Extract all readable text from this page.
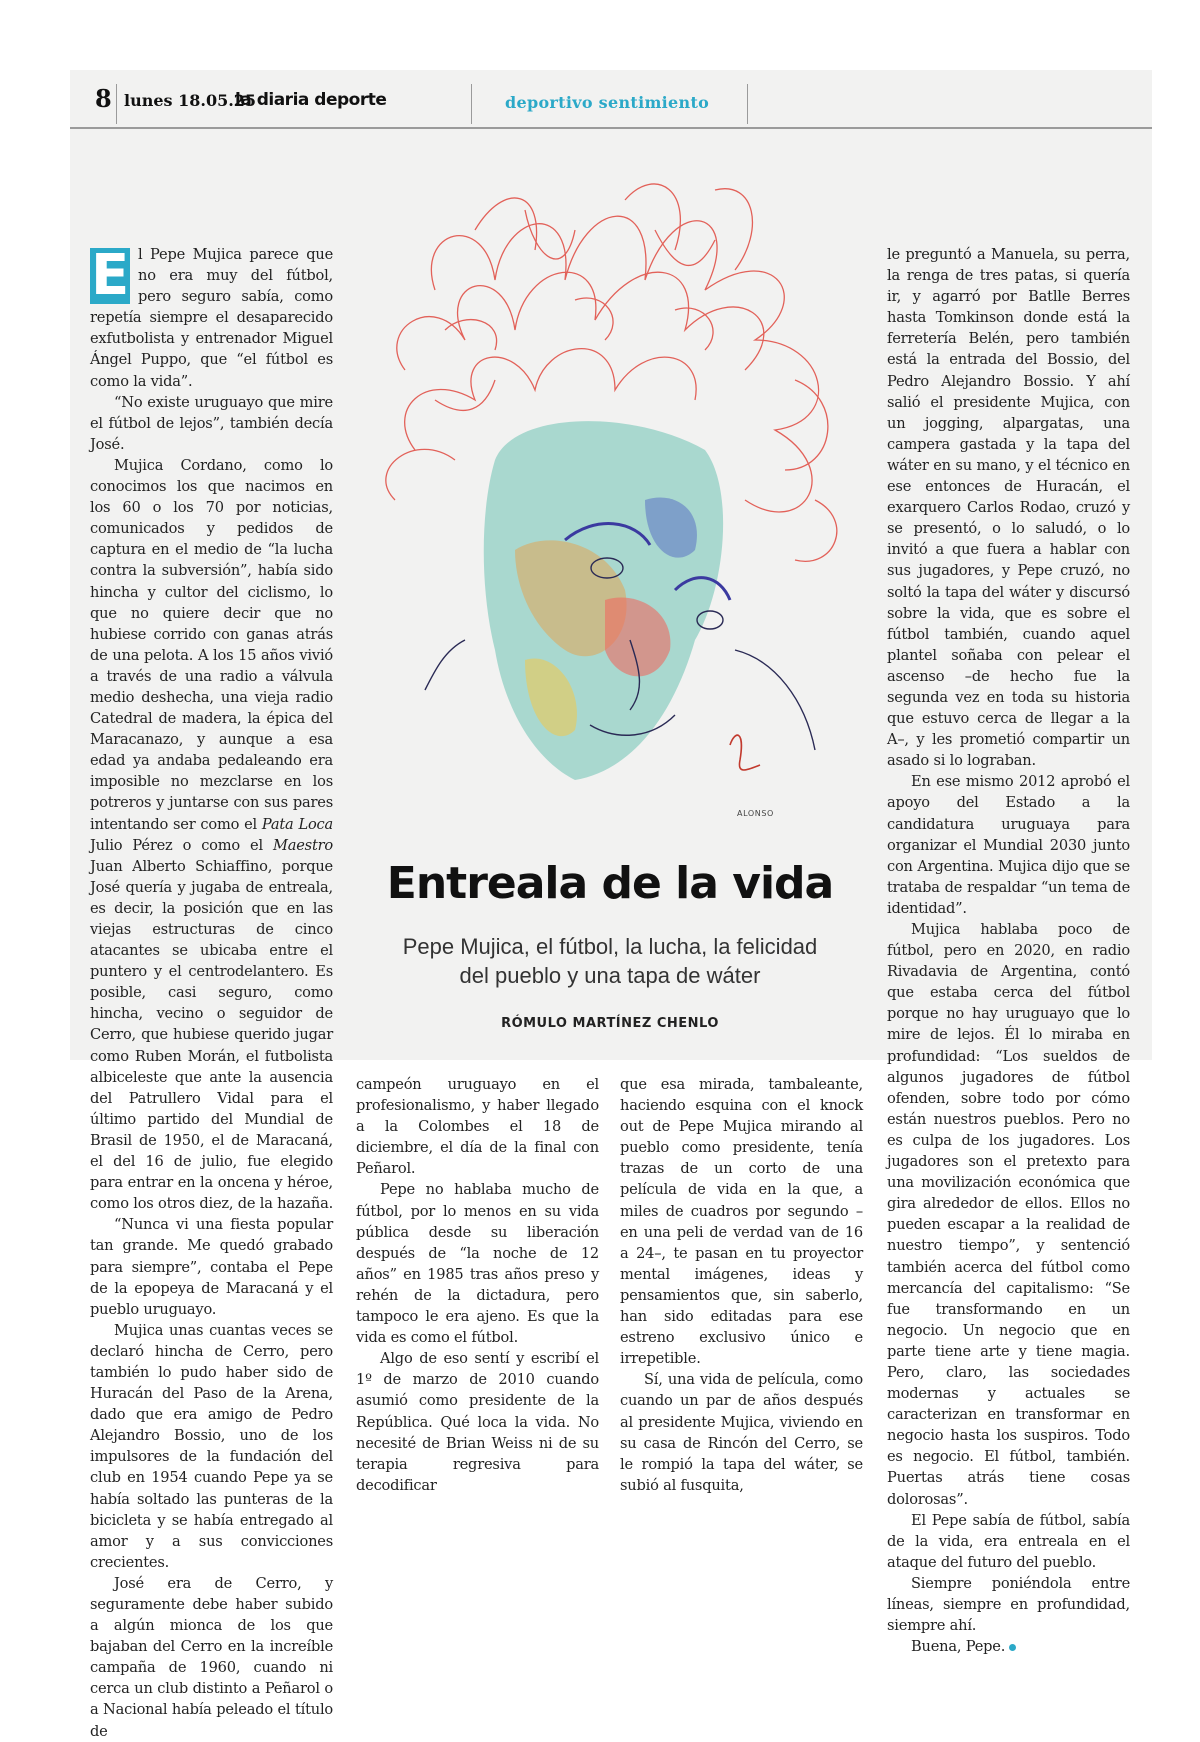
8 lunes 18.05.25
la diaria deporte	deportivo sentimiento
ALONSO
Entreala de la vida
Pepe Mujica, el fútbol, la lucha, la felicidad
del pueblo y una tapa de wáter
RÓMULO MARTÍNEZ CHENLO

E l Pepe Mujica parece que no era muy del fútbol, pero seguro sabía, como repetía siempre el desaparecido exfutbolista y entrenador Miguel Ángel Puppo, que “el fútbol es como la vida”.

“No existe uruguayo que mire el fútbol de lejos”, también decía José.

Mujica Cordano, como lo conocimos los que nacimos en los 60 o los 70 por noticias, comunicados y pedidos de captura en el medio de “la lucha contra la subversión”, había sido hincha y cultor del ciclismo, lo que no quiere decir que no hubiese corrido con ganas atrás de una pelota. A los 15 años vivió a través de una radio a válvula medio deshecha, una vieja radio Catedral de madera, la épica del Maracanazo, y aunque a esa edad ya andaba pedaleando era imposible no mezclarse en los potreros y juntarse con sus pares intentando ser como el Pata Loca Julio Pérez o como el Maestro Juan Alberto Schiaffino, porque José quería y jugaba de entreala, es decir, la posición que en las viejas estructuras de cinco atacantes se ubicaba entre el puntero y el centrodelantero. Es posible, casi seguro, como hincha, vecino o seguidor de Cerro, que hubiese querido jugar como Ruben Morán, el futbolista albiceleste que ante la ausencia del Patrullero Vidal para el último partido del Mundial de Brasil de 1950, el de Maracaná, el del 16 de julio, fue elegido para entrar en la oncena y héroe, como los otros diez, de la hazaña.

“Nunca vi una fiesta popular tan grande. Me quedó grabado para siempre”, contaba el Pepe de la epopeya de Maracaná y el pueblo uruguayo.

Mujica unas cuantas veces se declaró hincha de Cerro, pero también lo pudo haber sido de Huracán del Paso de la Arena, dado que era amigo de Pedro Alejandro Bossio, uno de los impulsores de la fundación del club en 1954 cuando Pepe ya se había soltado las punteras de la bicicleta y se había entregado al amor y a sus convicciones crecientes.

José era de Cerro, y seguramente debe haber subido a algún mionca de los que bajaban del Cerro en la increíble campaña de 1960, cuando ni cerca un club distinto a Peñarol o a Nacional había peleado el título de

campeón uruguayo en el profesionalismo, y haber llegado a la Colombes el 18 de diciembre, el día de la final con Peñarol.

Pepe no hablaba mucho de fútbol, por lo menos en su vida pública desde su liberación después de “la noche de 12 años” en 1985 tras años preso y rehén de la dictadura, pero tampoco le era ajeno. Es que la vida es como el fútbol.

Algo de eso sentí y escribí el 1º de marzo de 2010 cuando asumió como presidente de la República. Qué loca la vida. No necesité de Brian Weiss ni de su terapia regresiva para decodificar

que esa mirada, tambaleante, haciendo esquina con el knock out de Pepe Mujica mirando al pueblo como presidente, tenía trazas de un corto de una película de vida en la que, a miles de cuadros por segundo –en una peli de verdad van de 16 a 24–, te pasan en tu proyector mental imágenes, ideas y pensamientos que, sin saberlo, han sido editadas para ese estreno exclusivo único e irrepetible.

Sí, una vida de película, como cuando un par de años después al presidente Mujica, viviendo en su casa de Rincón del Cerro, se le rompió la tapa del wáter, se subió al fusquita,

le preguntó a Manuela, su perra, la renga de tres patas, si quería ir, y agarró por Batlle Berres hasta Tomkinson donde está la ferretería Belén, pero también está la entrada del Bossio, del Pedro Alejandro Bossio. Y ahí salió el presidente Mujica, con un jogging, alpargatas, una campera gastada y la tapa del wáter en su mano, y el técnico en ese entonces de Huracán, el exarquero Carlos Rodao, cruzó y se presentó, o lo saludó, o lo invitó a que fuera a hablar con sus jugadores, y Pepe cruzó, no soltó la tapa del wáter y discursó sobre la vida, que es sobre el fútbol también, cuando aquel plantel soñaba con pelear el ascenso –de hecho fue la segunda vez en toda su historia que estuvo cerca de llegar a la A–, y les prometió compartir un asado si lo lograban.

En ese mismo 2012 aprobó el apoyo del Estado a la candidatura uruguaya para organizar el Mundial 2030 junto con Argentina. Mujica dijo que se trataba de respaldar “un tema de identidad”.

Mujica hablaba poco de fútbol, pero en 2020, en radio Rivadavia de Argentina, contó que estaba cerca del fútbol porque no hay uruguayo que lo mire de lejos. Él lo miraba en profundidad: “Los sueldos de algunos jugadores de fútbol ofenden, sobre todo por cómo están nuestros pueblos. Pero no es culpa de los jugadores. Los jugadores son el pretexto para una movilización económica que gira alrededor de ellos. Ellos no pueden escapar a la realidad de nuestro tiempo”, y sentenció también acerca del fútbol como mercancía del capitalismo: “Se fue transformando en un negocio. Un negocio que en parte tiene arte y tiene magia. Pero, claro, las sociedades modernas y actuales se caracterizan en transformar en negocio hasta los suspiros. Todo es negocio. El fútbol, también. Puertas atrás tiene cosas dolorosas”.

El Pepe sabía de fútbol, sabía de la vida, era entreala en el ataque del futuro del pueblo.

Siempre poniéndola entre líneas, siempre en profundidad, siempre ahí.

Buena, Pepe.
